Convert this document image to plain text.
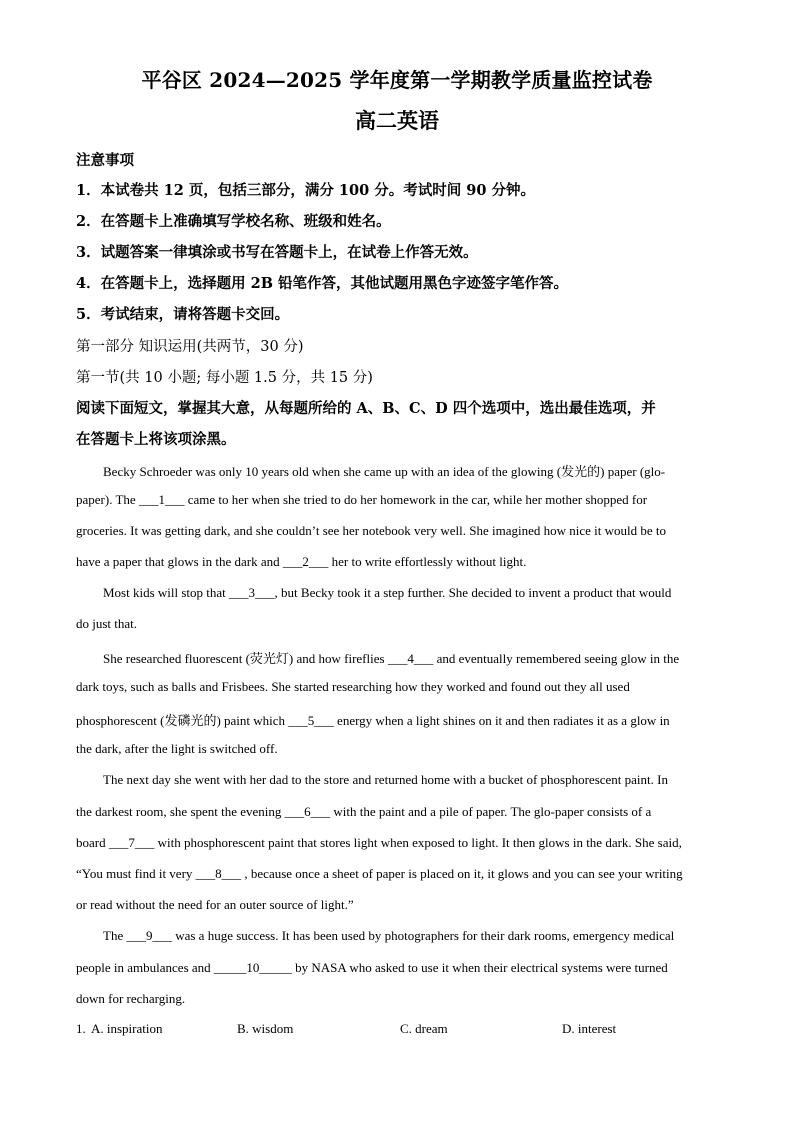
平谷区 2024—2025 学年度第一学期教学质量监控试卷
高二英语
注意事项
1．本试卷共 12 页，包括三部分，满分 100 分。考试时间 90 分钟。
2．在答题卡上准确填写学校名称、班级和姓名。
3．试题答案一律填涂或书写在答题卡上，在试卷上作答无效。
4．在答题卡上，选择题用 2B 铅笔作答，其他试题用黑色字迹签字笔作答。
5．考试结束，请将答题卡交回。
第一部分 知识运用(共两节，30 分)
第一节(共 10 小题; 每小题 1.5 分，共 15 分)
阅读下面短文，掌握其大意，从每题所给的 A、B、C、D 四个选项中，选出最佳选项，并
在答题卡上将该项涂黑。
Becky Schroeder was only 10 years old when she came up with an idea of the glowing (发光的) paper (glo-
paper). The ___1___ came to her when she tried to do her homework in the car, while her mother shopped for
groceries. It was getting dark, and she couldn’t see her notebook very well. She imagined how nice it would be to
have a paper that glows in the dark and ___2___ her to write effortlessly without light.
Most kids will stop that ___3___, but Becky took it a step further. She decided to invent a product that would
do just that.
She researched fluorescent (荧光灯) and how fireflies ___4___ and eventually remembered seeing glow in the
dark toys, such as balls and Frisbees. She started researching how they worked and found out they all used
phosphorescent (发磷光的) paint which ___5___ energy when a light shines on it and then radiates it as a glow in
the dark, after the light is switched off.
The next day she went with her dad to the store and returned home with a bucket of phosphorescent paint. In
the darkest room, she spent the evening ___6___ with the paint and a pile of paper. The glo-paper consists of a
board ___7___ with phosphorescent paint that stores light when exposed to light. It then glows in the dark. She said,
“You must find it very ___8___ , because once a sheet of paper is placed on it, it glows and you can see your writing
or read without the need for an outer source of light.”
The ___9___ was a huge success. It has been used by photographers for their dark rooms, emergency medical
people in ambulances and _____10_____ by NASA who asked to use it when their electrical systems were turned
down for recharging.
1. A. inspiration	B. wisdom	C. dream	D. interest
